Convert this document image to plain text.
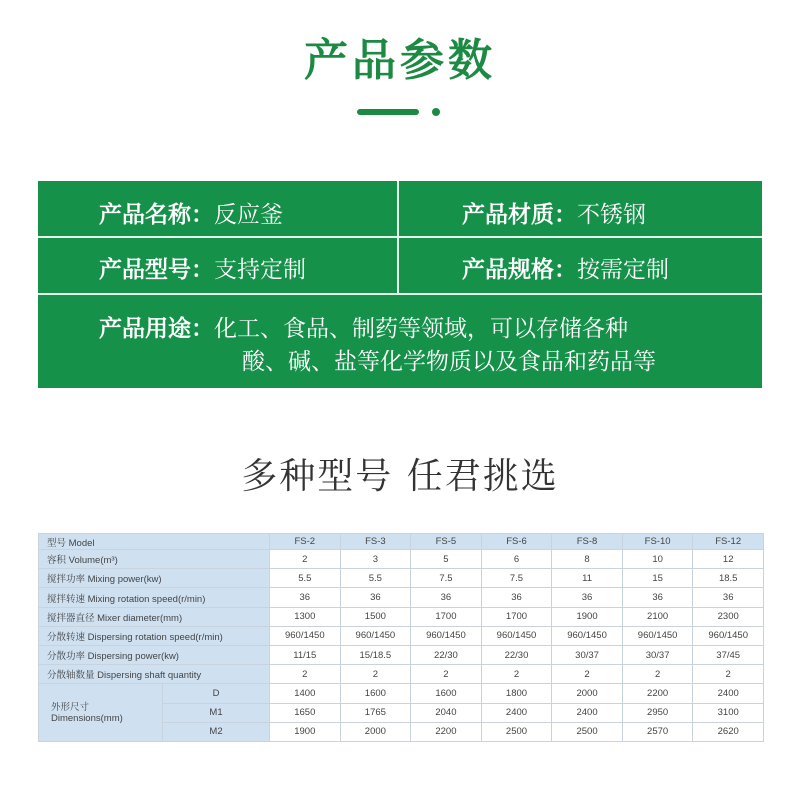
产品参数
产品名称：反应釜	产品材质：不锈钢
产品型号：支持定制	产品规格：按需定制
产品用途：化工、食品、制药等领域，可以存储各种
酸、碱、盐等化学物质以及食品和药品等
多种型号 任君挑选
型号 Model		FS-2	FS-3	FS-5	FS-6	FS-8	FS-10	FS-12
容积 Volume(m³)		2	3	5	6	8	10	12
搅拌功率 Mixing power(kw)		5.5	5.5	7.5	7.5	11	15	18.5
搅拌转速 Mixing rotation speed(r/min)		36	36	36	36	36	36	36
搅拌器直径 Mixer diameter(mm)		1300	1500	1700	1700	1900	2100	2300
分散转速 Dispersing rotation speed(r/min)		960/1450	960/1450	960/1450	960/1450	960/1450	960/1450	960/1450
分散功率 Dispersing power(kw)		11/15	15/18.5	22/30	22/30	30/37	30/37	37/45
分散轴数量 Dispersing shaft quantity		2	2	2	2	2	2	2

外形尺寸
Dimensions(mm)	D	1400	1600	1600	1800	2000	2200	2400
	M1	1650	1765	2040	2400	2400	2950	3100
	M2	1900	2000	2200	2500	2500	2570	2620
